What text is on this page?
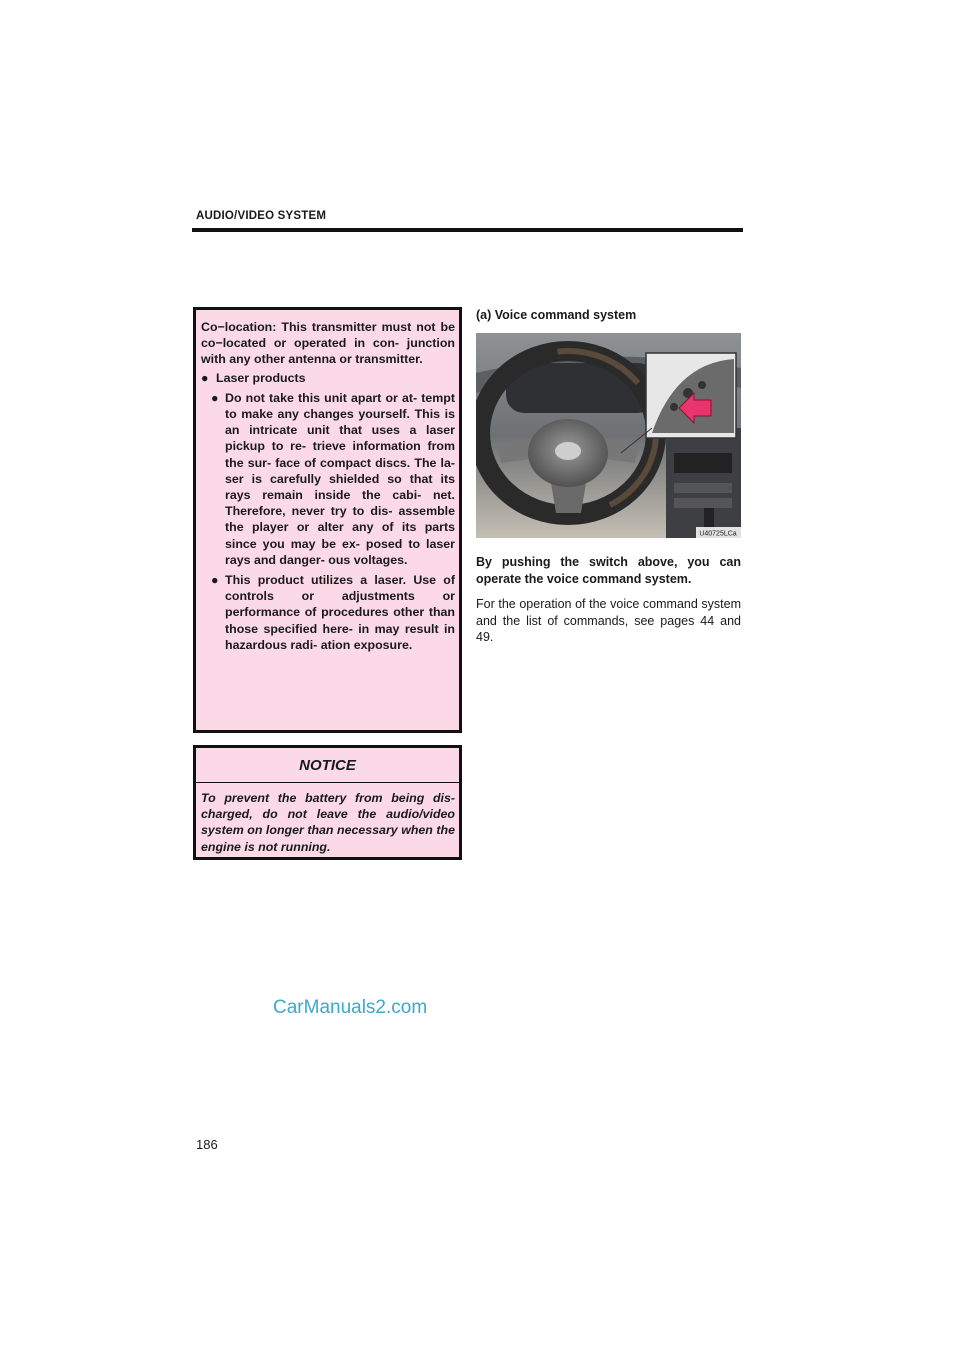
AUDIO/VIDEO SYSTEM

Co−location: This transmitter must not be co−located or operated in con- junction with any other antenna or transmitter.

● Laser products

● Do not take this unit apart or at- tempt to make any changes yourself. This is an intricate unit that uses a laser pickup to re- trieve information from the sur- face of compact discs. The la- ser is carefully shielded so that its rays remain inside the cabi- net. Therefore, never try to dis- assemble the player or alter any of its parts since you may be ex- posed to laser rays and danger- ous voltages.

● This product utilizes a laser. Use of controls or adjustments or performance of procedures other than those specified here- in may result in hazardous radi- ation exposure.

NOTICE
To prevent the battery from being dis- charged, do not leave the audio/video system on longer than necessary when the engine is not running.
(a) Voice command system
U40725LCa
By pushing the switch above, you can operate the voice command system.
For the operation of the voice command system and the list of commands, see pages 44 and 49.
CarManuals2.com
186
